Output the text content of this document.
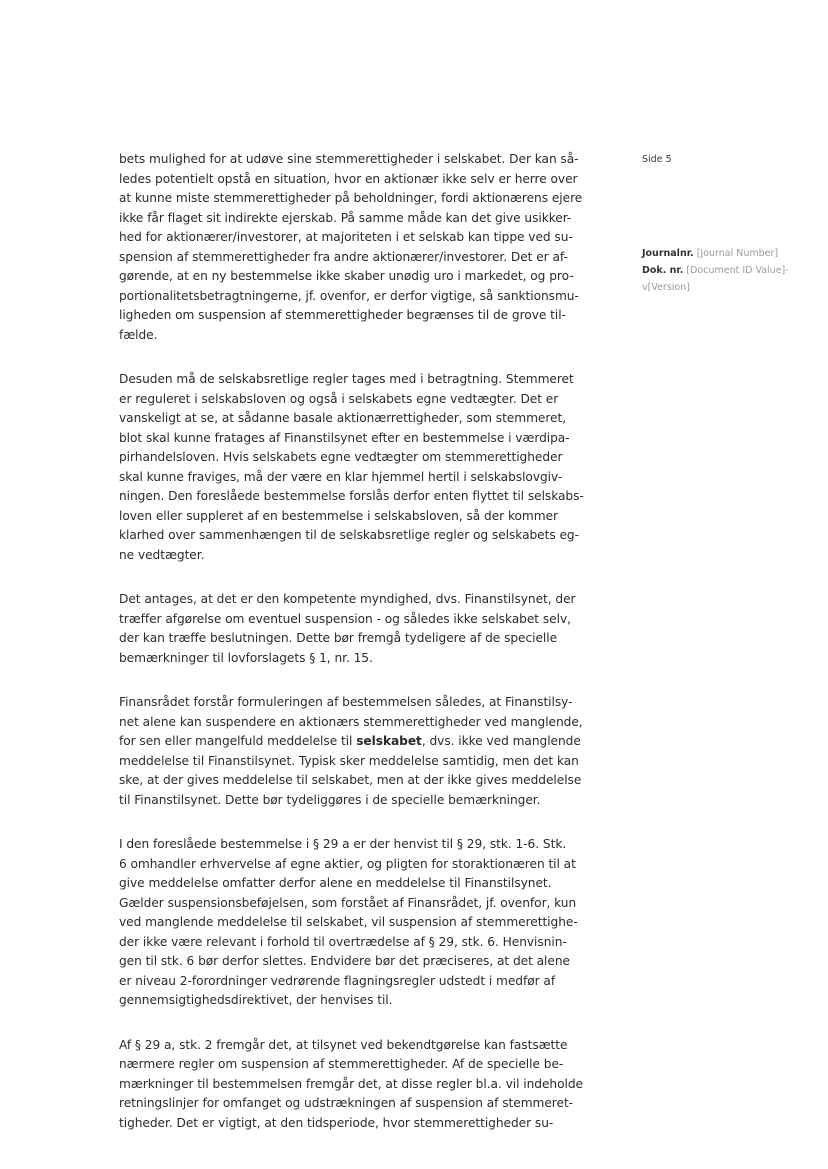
Side 5
Journalnr. [Journal Number]
Dok. nr. [Document ID Value]-
v[Version]

bets mulighed for at udøve sine stemmerettigheder i selskabet. Der kan så-
ledes potentielt opstå en situation, hvor en aktionær ikke selv er herre over
at kunne miste stemmerettigheder på beholdninger, fordi aktionærens ejere
ikke får flaget sit indirekte ejerskab. På samme måde kan det give usikker-
hed for aktionærer/investorer, at majoriteten i et selskab kan tippe ved su-
spension af stemmerettigheder fra andre aktionærer/investorer. Det er af-
gørende, at en ny bestemmelse ikke skaber unødig uro i markedet, og pro-
portionalitetsbetragtningerne, jf. ovenfor, er derfor vigtige, så sanktionsmu-
ligheden om suspension af stemmerettigheder begrænses til de grove til-
fælde.

Desuden må de selskabsretlige regler tages med i betragtning. Stemmeret
er reguleret i selskabsloven og også i selskabets egne vedtægter. Det er
vanskeligt at se, at sådanne basale aktionærrettigheder, som stemmeret,
blot skal kunne fratages af Finanstilsynet efter en bestemmelse i værdipa-
pirhandelsloven. Hvis selskabets egne vedtægter om stemmerettigheder
skal kunne fraviges, må der være en klar hjemmel hertil i selskabslovgiv-
ningen. Den foreslåede bestemmelse forslås derfor enten flyttet til selskabs-
loven eller suppleret af en bestemmelse i selskabsloven, så der kommer
klarhed over sammenhængen til de selskabsretlige regler og selskabets eg-
ne vedtægter.

Det antages, at det er den kompetente myndighed, dvs. Finanstilsynet, der
træffer afgørelse om eventuel suspension - og således ikke selskabet selv,
der kan træffe beslutningen. Dette bør fremgå tydeligere af de specielle
bemærkninger til lovforslagets § 1, nr. 15.

Finansrådet forstår formuleringen af bestemmelsen således, at Finanstilsy-
net alene kan suspendere en aktionærs stemmerettigheder ved manglende,
for sen eller mangelfuld meddelelse til selskabet, dvs. ikke ved manglende
meddelelse til Finanstilsynet. Typisk sker meddelelse samtidig, men det kan
ske, at der gives meddelelse til selskabet, men at der ikke gives meddelelse
til Finanstilsynet. Dette bør tydeliggøres i de specielle bemærkninger.

I den foreslåede bestemmelse i § 29 a er der henvist til § 29, stk. 1-6. Stk.
6 omhandler erhvervelse af egne aktier, og pligten for storaktionæren til at
give meddelelse omfatter derfor alene en meddelelse til Finanstilsynet.
Gælder suspensionsbeføjelsen, som forstået af Finansrådet, jf. ovenfor, kun
ved manglende meddelelse til selskabet, vil suspension af stemmerettighe-
der ikke være relevant i forhold til overtrædelse af § 29, stk. 6. Henvisnin-
gen til stk. 6 bør derfor slettes. Endvidere bør det præciseres, at det alene
er niveau 2-forordninger vedrørende flagningsregler udstedt i medfør af
gennemsigtighedsdirektivet, der henvises til.

Af § 29 a, stk. 2 fremgår det, at tilsynet ved bekendtgørelse kan fastsætte
nærmere regler om suspension af stemmerettigheder. Af de specielle be-
mærkninger til bestemmelsen fremgår det, at disse regler bl.a. vil indeholde
retningslinjer for omfanget og udstrækningen af suspension af stemmeret-
tigheder. Det er vigtigt, at den tidsperiode, hvor stemmerettigheder su-
